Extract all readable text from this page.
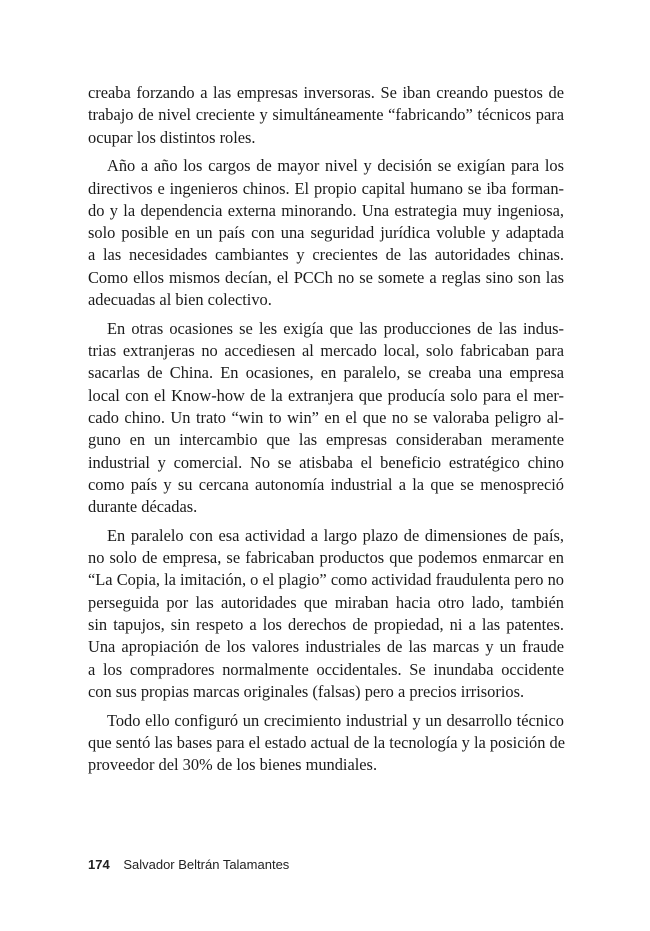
creaba forzando a las empresas inversoras. Se iban creando puestos de
trabajo de nivel creciente y simultáneamente “fabricando” técnicos para
ocupar los distintos roles.
Año a año los cargos de mayor nivel y decisión se exigían para los
directivos e ingenieros chinos. El propio capital humano se iba forman-
do y la dependencia externa minorando. Una estrategia muy ingeniosa,
solo posible en un país con una seguridad jurídica voluble y adaptada
a las necesidades cambiantes y crecientes de las autoridades chinas.
Como ellos mismos decían, el PCCh no se somete a reglas sino son las
adecuadas al bien colectivo.
En otras ocasiones se les exigía que las producciones de las indus-
trias extranjeras no accediesen al mercado local, solo fabricaban para
sacarlas de China. En ocasiones, en paralelo, se creaba una empresa
local con el Know-how de la extranjera que producía solo para el mer-
cado chino. Un trato “win to win” en el que no se valoraba peligro al-
guno en un intercambio que las empresas consideraban meramente
industrial y comercial. No se atisbaba el beneficio estratégico chino
como país y su cercana autonomía industrial a la que se menospreció
durante décadas.
En paralelo con esa actividad a largo plazo de dimensiones de país,
no solo de empresa, se fabricaban productos que podemos enmarcar en
“La Copia, la imitación, o el plagio” como actividad fraudulenta pero no
perseguida por las autoridades que miraban hacia otro lado, también
sin tapujos, sin respeto a los derechos de propiedad, ni a las patentes.
Una apropiación de los valores industriales de las marcas y un fraude
a los compradores normalmente occidentales. Se inundaba occidente
con sus propias marcas originales (falsas) pero a precios irrisorios.
Todo ello configuró un crecimiento industrial y un desarrollo técnico
que sentó las bases para el estado actual de la tecnología y la posición de
proveedor del 30% de los bienes mundiales.
174 Salvador Beltrán Talamantes
